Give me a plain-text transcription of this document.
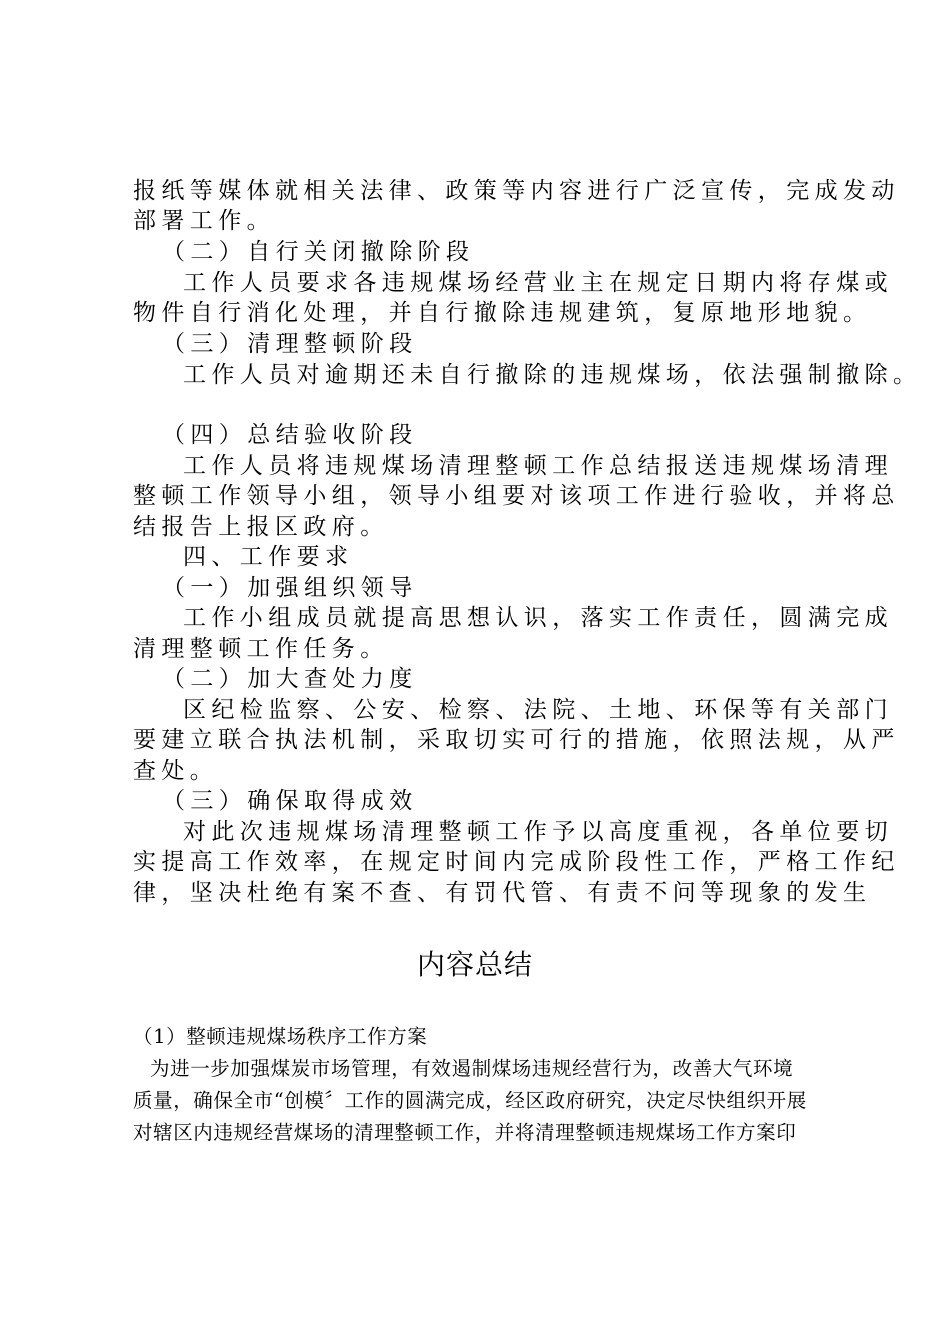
报纸等媒体就相关法律、政策等内容进行广泛宣传，完成发动
部署工作。
（二）自行关闭撤除阶段
工作人员要求各违规煤场经营业主在规定日期内将存煤或
物件自行消化处理，并自行撤除违规建筑，复原地形地貌。
（三）清理整顿阶段
工作人员对逾期还未自行撤除的违规煤场，依法强制撤除。
（四）总结验收阶段
工作人员将违规煤场清理整顿工作总结报送违规煤场清理
整顿工作领导小组，领导小组要对该项工作进行验收，并将总
结报告上报区政府。
四、工作要求
（一）加强组织领导
工作小组成员就提高思想认识，落实工作责任，圆满完成
清理整顿工作任务。
（二）加大查处力度
区纪检监察、公安、检察、法院、土地、环保等有关部门
要建立联合执法机制，采取切实可行的措施，依照法规，从严
查处。
（三）确保取得成效
对此次违规煤场清理整顿工作予以高度重视，各单位要切
实提高工作效率，在规定时间内完成阶段性工作，严格工作纪
律，坚决杜绝有案不查、有罚代管、有责不问等现象的发生
内容总结
（1）整顿违规煤场秩序工作方案
为进一步加强煤炭市场管理，有效遏制煤场违规经营行为，改善大气环境
质量，确保全市“创模〞工作的圆满完成，经区政府研究，决定尽快组织开展
对辖区内违规经营煤场的清理整顿工作，并将清理整顿违规煤场工作方案印
